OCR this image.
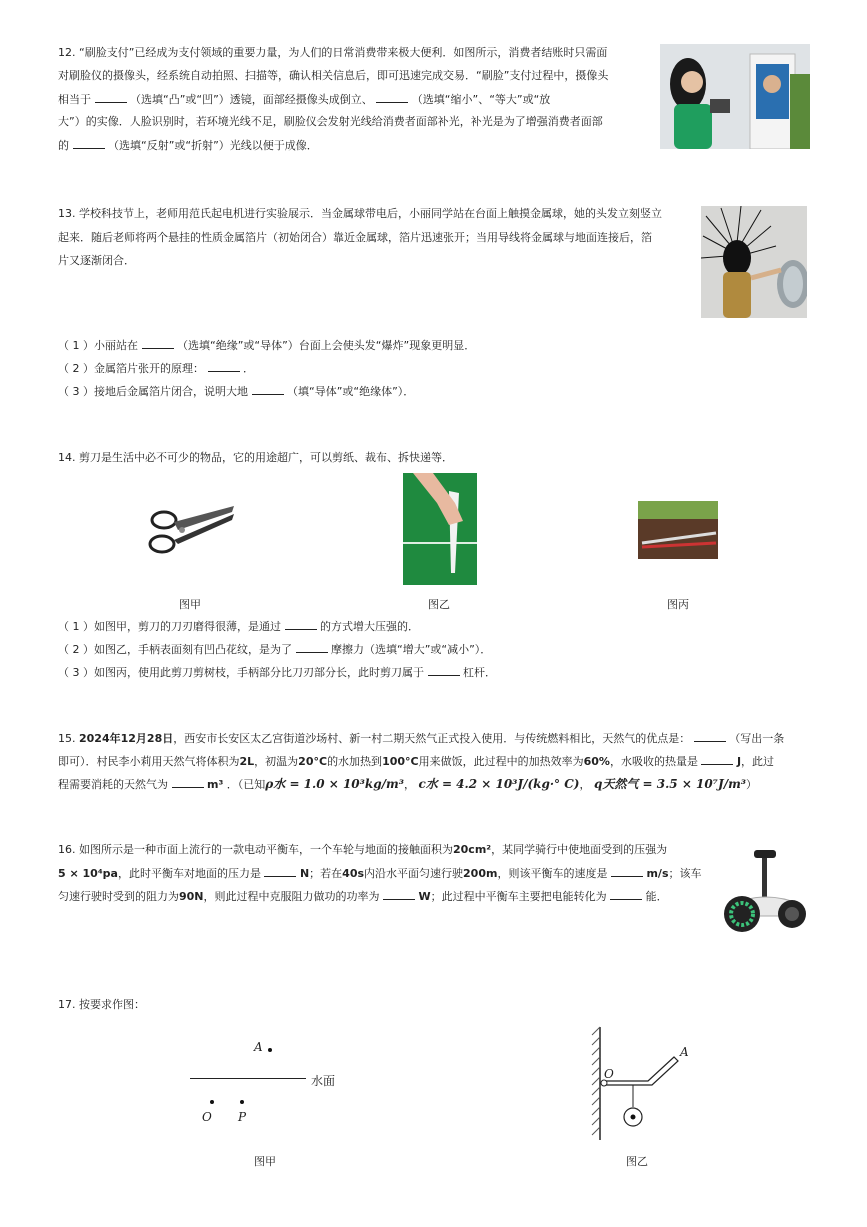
12. “刷脸支付”已经成为支付领域的重要力量，为人们的日常消费带来极大便利．如图所示，消费者结账时只需面
对刷脸仪的摄像头，经系统自动拍照、扫描等，确认相关信息后，即可迅速完成交易．“刷脸”支付过程中，摄像头
相当于	（选填“凸”或“凹”）透镜，面部经摄像头成倒立、	（选填“缩小”、“等大”或“放
大”）的实像．人脸识别时，若环境光线不足，刷脸仪会发射光线给消费者面部补光，补光是为了增强消费者面部
的	（选填“反射”或“折射”）光线以便于成像．
13. 学校科技节上，老师用范氏起电机进行实验展示．当金属球带电后，小丽同学站在台面上触摸金属球，她的头发立刻竖立
起来．随后老师将两个悬挂的性质金属箔片（初始闭合）靠近金属球，箔片迅速张开；当用导线将金属球与地面连接后，箔
片又逐渐闭合．
（ 1 ）小丽站在	（选填“绝缘”或“导体”）台面上会使头发“爆炸”现象更明显．
（ 2 ）金属箔片张开的原理：	．
（ 3 ）接地后金属箔片闭合，说明大地	（填“导体”或“绝缘体”）．
14. 剪刀是生活中必不可少的物品，它的用途超广，可以剪纸、裁布、拆快递等．
图甲	图乙	图丙
（ 1 ）如图甲，剪刀的刀刃磨得很薄，是通过	的方式增大压强的．
（ 2 ）如图乙，手柄表面刻有凹凸花纹，是为了	摩擦力（选填“增大”或“减小”）．
（ 3 ）如图丙，使用此剪刀剪树枝，手柄部分比刀刃部分长，此时剪刀属于	杠杆．
15. 2024年12月28日，西安市长安区太乙宫街道沙场村、新一村二期天然气正式投入使用．与传统燃料相比，天然气的优点是：	（写出一条
即可）．村民李小莉用天然气将体积为2L，初温为20°C的水加热到100°C用来做饭，此过程中的加热效率为60%，水吸收的热量是	J，此过
程需要消耗的天然气为	m³ ．（已知ρ水 = 1.0 × 10³kg/m³， c水 = 4.2 × 10³J/(kg·° C)， q天然气 = 3.5 × 10⁷J/m³）
16. 如图所示是一种市面上流行的一款电动平衡车，一个车轮与地面的接触面积为20cm²，某同学骑行中使地面受到的压强为
5 × 10⁴pa，此时平衡车对地面的压力是	N；若在40s内沿水平面匀速行驶200m，则该平衡车的速度是	m/s；该车
匀速行驶时受到的阻力为90N，则此过程中克服阻力做功的功率为	W；此过程中平衡车主要把电能转化为	能．
17. 按要求作图：
A
水面
O P
O
A
图甲	图乙
